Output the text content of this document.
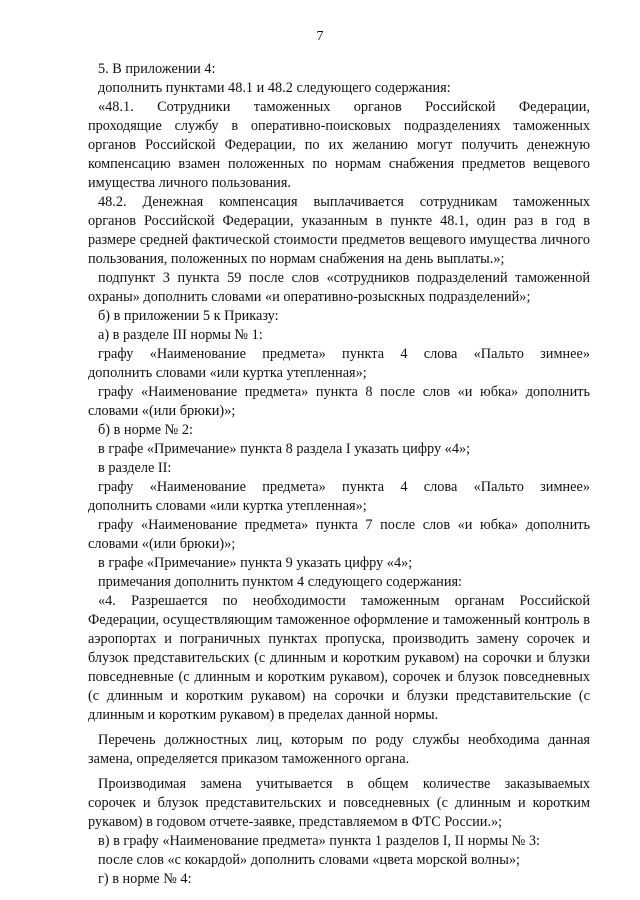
7
5. В приложении 4:
дополнить пунктами 48.1 и 48.2 следующего содержания:
«48.1. Сотрудники таможенных органов Российской Федерации,
проходящие службу в оперативно-поисковых подразделениях таможенных
органов Российской Федерации, по их желанию могут получить денежную
компенсацию взамен положенных по нормам снабжения предметов вещевого
имущества личного пользования.
48.2. Денежная компенсация выплачивается сотрудникам таможенных
органов Российской Федерации, указанным в пункте 48.1, один раз в год в
размере средней фактической стоимости предметов вещевого имущества личного
пользования, положенных по нормам снабжения на день выплаты.»;
подпункт 3 пункта 59 после слов «сотрудников подразделений таможенной
охраны» дополнить словами «и оперативно-розыскных подразделений»;
б) в приложении 5 к Приказу:
а) в разделе III нормы № 1:
графу «Наименование предмета» пункта 4 слова «Пальто зимнее»
дополнить словами «или куртка утепленная»;
графу «Наименование предмета» пункта 8 после слов «и юбка» дополнить
словами «(или брюки)»;
б) в норме № 2:
в графе «Примечание» пункта 8 раздела I указать цифру «4»;
в разделе II:
графу «Наименование предмета» пункта 4 слова «Пальто зимнее»
дополнить словами «или куртка утепленная»;
графу «Наименование предмета» пункта 7 после слов «и юбка» дополнить
словами «(или брюки)»;
в графе «Примечание» пункта 9 указать цифру «4»;
примечания дополнить пунктом 4 следующего содержания:
«4. Разрешается по необходимости таможенным органам Российской
Федерации, осуществляющим таможенное оформление и таможенный контроль в
аэропортах и пограничных пунктах пропуска, производить замену сорочек и
блузок представительских (с длинным и коротким рукавом) на сорочки и блузки
повседневные (с длинным и коротким рукавом), сорочек и блузок повседневных
(с длинным и коротким рукавом) на сорочки и блузки представительские (с
длинным и коротким рукавом) в пределах данной нормы.
Перечень должностных лиц, которым по роду службы необходима данная
замена, определяется приказом таможенного органа.
Производимая замена учитывается в общем количестве заказываемых
сорочек и блузок представительских и повседневных (с длинным и коротким
рукавом) в годовом отчете-заявке, представляемом в ФТС России.»;
в) в графу «Наименование предмета» пункта 1 разделов I, II нормы № 3:
после слов «с кокардой» дополнить словами «цвета морской волны»;
г) в норме № 4:
